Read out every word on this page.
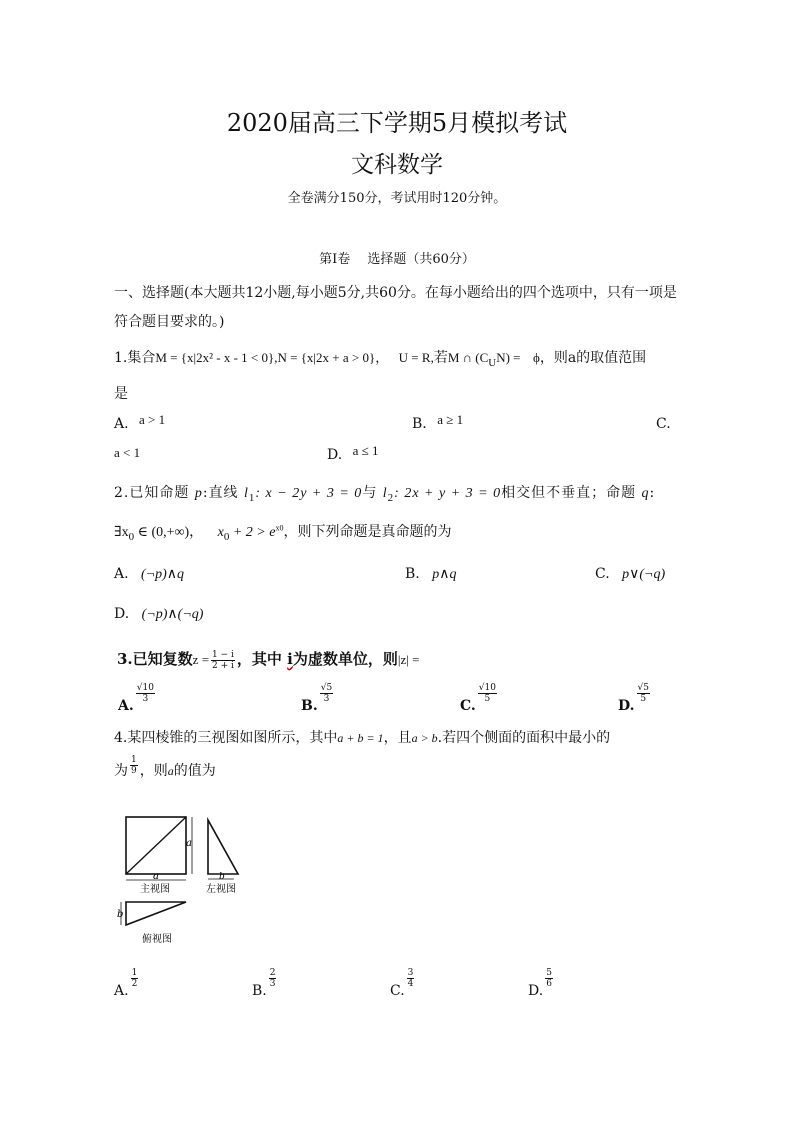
2020届高三下学期5月模拟考试
文科数学
全卷满分150分，考试用时120分钟。
第Ⅰ卷　 选择题（共60分）
一、选择题(本大题共12小题,每小题5分,共60分。在每小题给出的四个选项中，只有一项是
符合题目要求的。)
1.集合M = {x|2x² - x - 1 < 0},N = {x|2x + a > 0}， U = R,若M ∩ $(C_UN) = \phi$，则a的取值范围
是
A. a > 1	B. a ≥ 1	C.
a < 1	D. a ≤ 1
2.已知命题 p:直线 $l_1$: x − 2y + 3 = 0与 $l_2$: 2x + y + 3 = 0相交但不垂直；命题 q:
$\exists x_0$ ∈ (0,+∞)， $x_0 + 2 > e^{x0}$，则下列命题是真命题的为
A. (¬p)∧q	B. p∧q	C. p∨(¬q)
D. (¬p)∧(¬q)
3.已知复数$z = \frac{1 - i}{2 + i}$ ，其中 i为虚数单位，则|z| =
A.
$\frac{√10}{3}$
B.
$\frac{√5}{3}$
C.
$\frac{√10}{5}$
D.
$\frac{√5}{5}$
4.某四棱锥的三视图如图所示，其中a + b = 1，且a > b.若四个侧面的面积中最小的
为 $\frac{1}{9}$ ，则a的值为
a
a
主视图
b
左视图
b
俯视图
A.
$\frac{1}{2}$
B.
$\frac{2}{3}$
C.
$\frac{3}{4}$
D.
$\frac{5}{6}$
